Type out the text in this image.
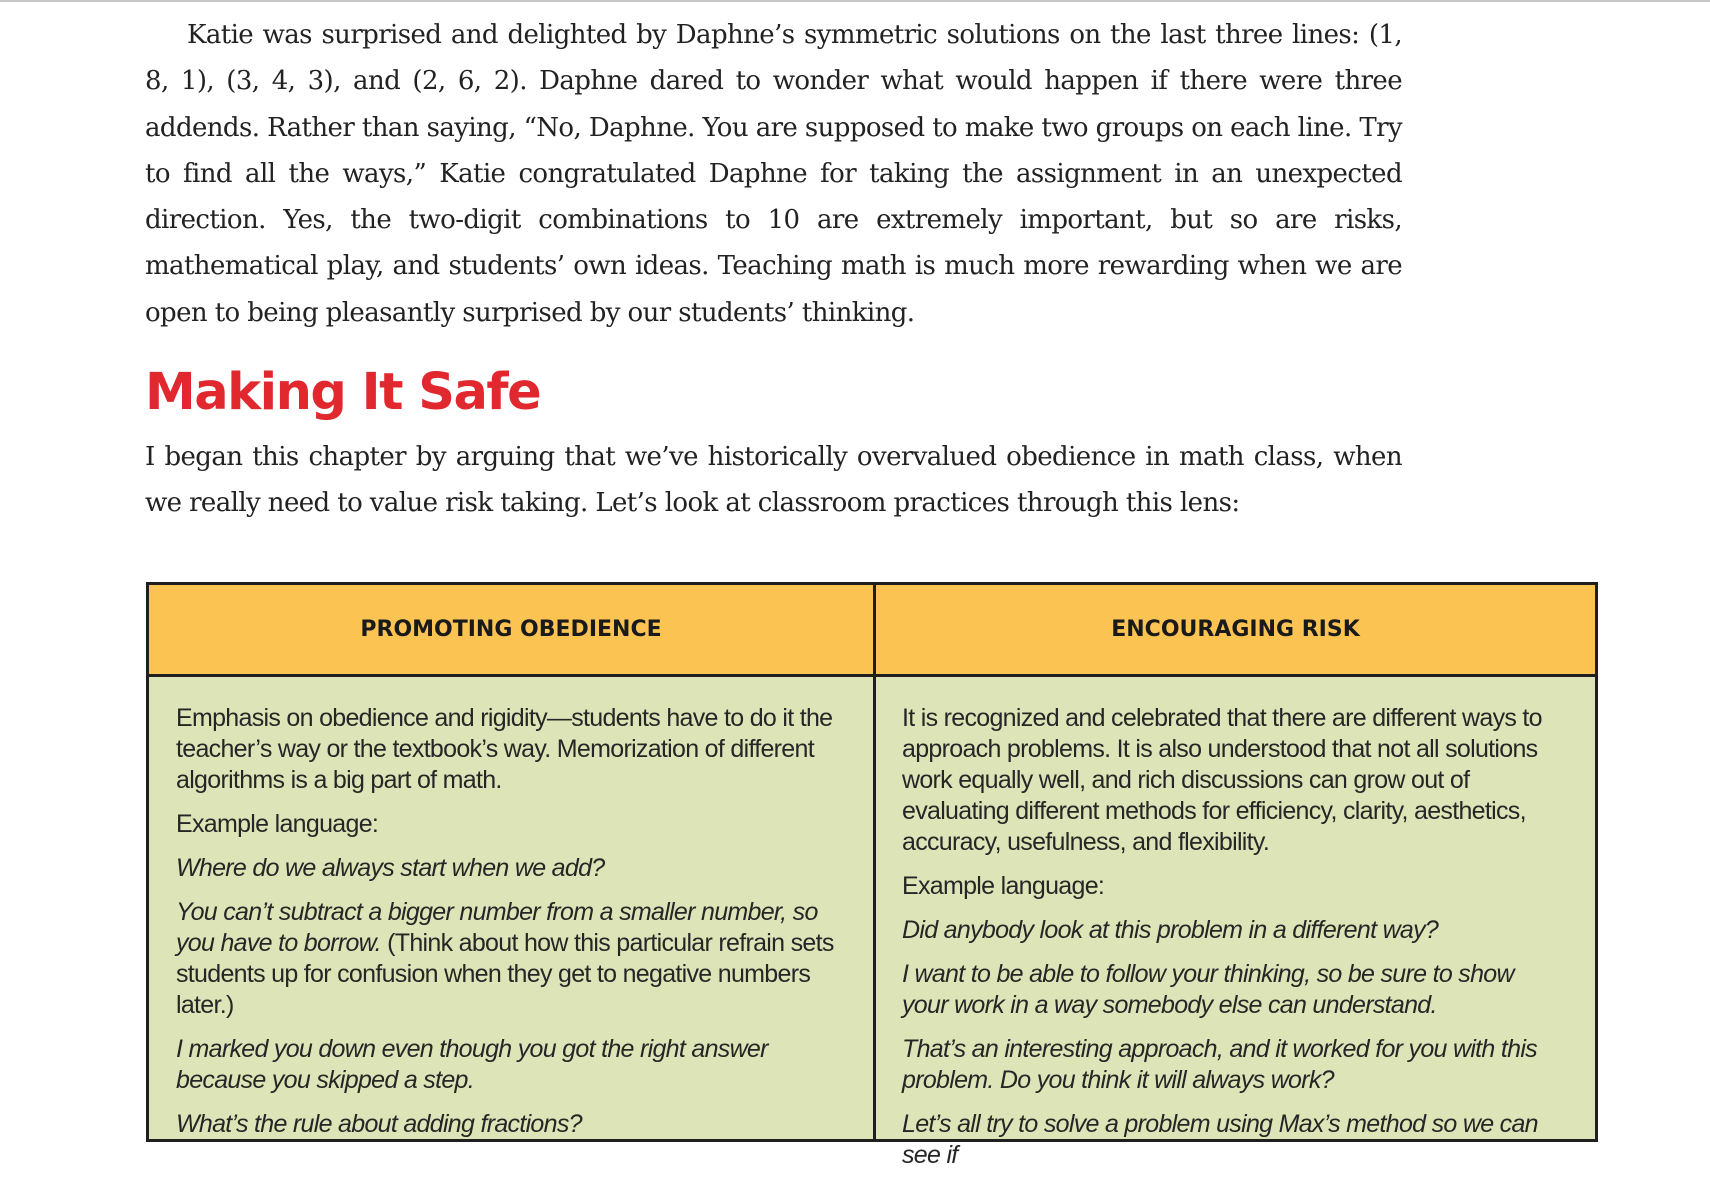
Katie was surprised and delighted by Daphne’s symmetric solutions on the last three lines: (1, 8, 1), (3, 4, 3), and (2, 6, 2). Daphne dared to wonder what would happen if there were three addends. Rather than saying, “No, Daphne. You are supposed to make two groups on each line. Try to find all the ways,” Katie congratulated Daphne for taking the assignment in an unexpected direction. Yes, the two-digit combinations to 10 are extremely important, but so are risks, mathematical play, and students’ own ideas. Teaching math is much more rewarding when we are open to being pleasantly surprised by our students’ thinking.

Making It Safe

I began this chapter by arguing that we’ve historically overvalued obedience in math class, when we really need to value risk taking. Let’s look at classroom practices through this lens:

PROMOTING OBEDIENCE	ENCOURAGING RISK

Emphasis on obedience and rigidity—students have to do it the teacher’s way or the textbook’s way. Memorization of different algorithms is a big part of math.

Example language:

Where do we always start when we add?

You can’t subtract a bigger number from a smaller number, so you have to borrow. (Think about how this particular refrain sets students up for confusion when they get to negative numbers later.)

I marked you down even though you got the right answer because you skipped a step.

What’s the rule about adding fractions?

It is recognized and celebrated that there are different ways to approach problems. It is also understood that not all solutions work equally well, and rich discussions can grow out of evaluating different methods for efficiency, clarity, aesthetics, accuracy, usefulness, and flexibility.

Example language:

Did anybody look at this problem in a different way?

I want to be able to follow your thinking, so be sure to show your work in a way somebody else can understand.

That’s an interesting approach, and it worked for you with this problem. Do you think it will always work?

Let’s all try to solve a problem using Max’s method so we can see if
